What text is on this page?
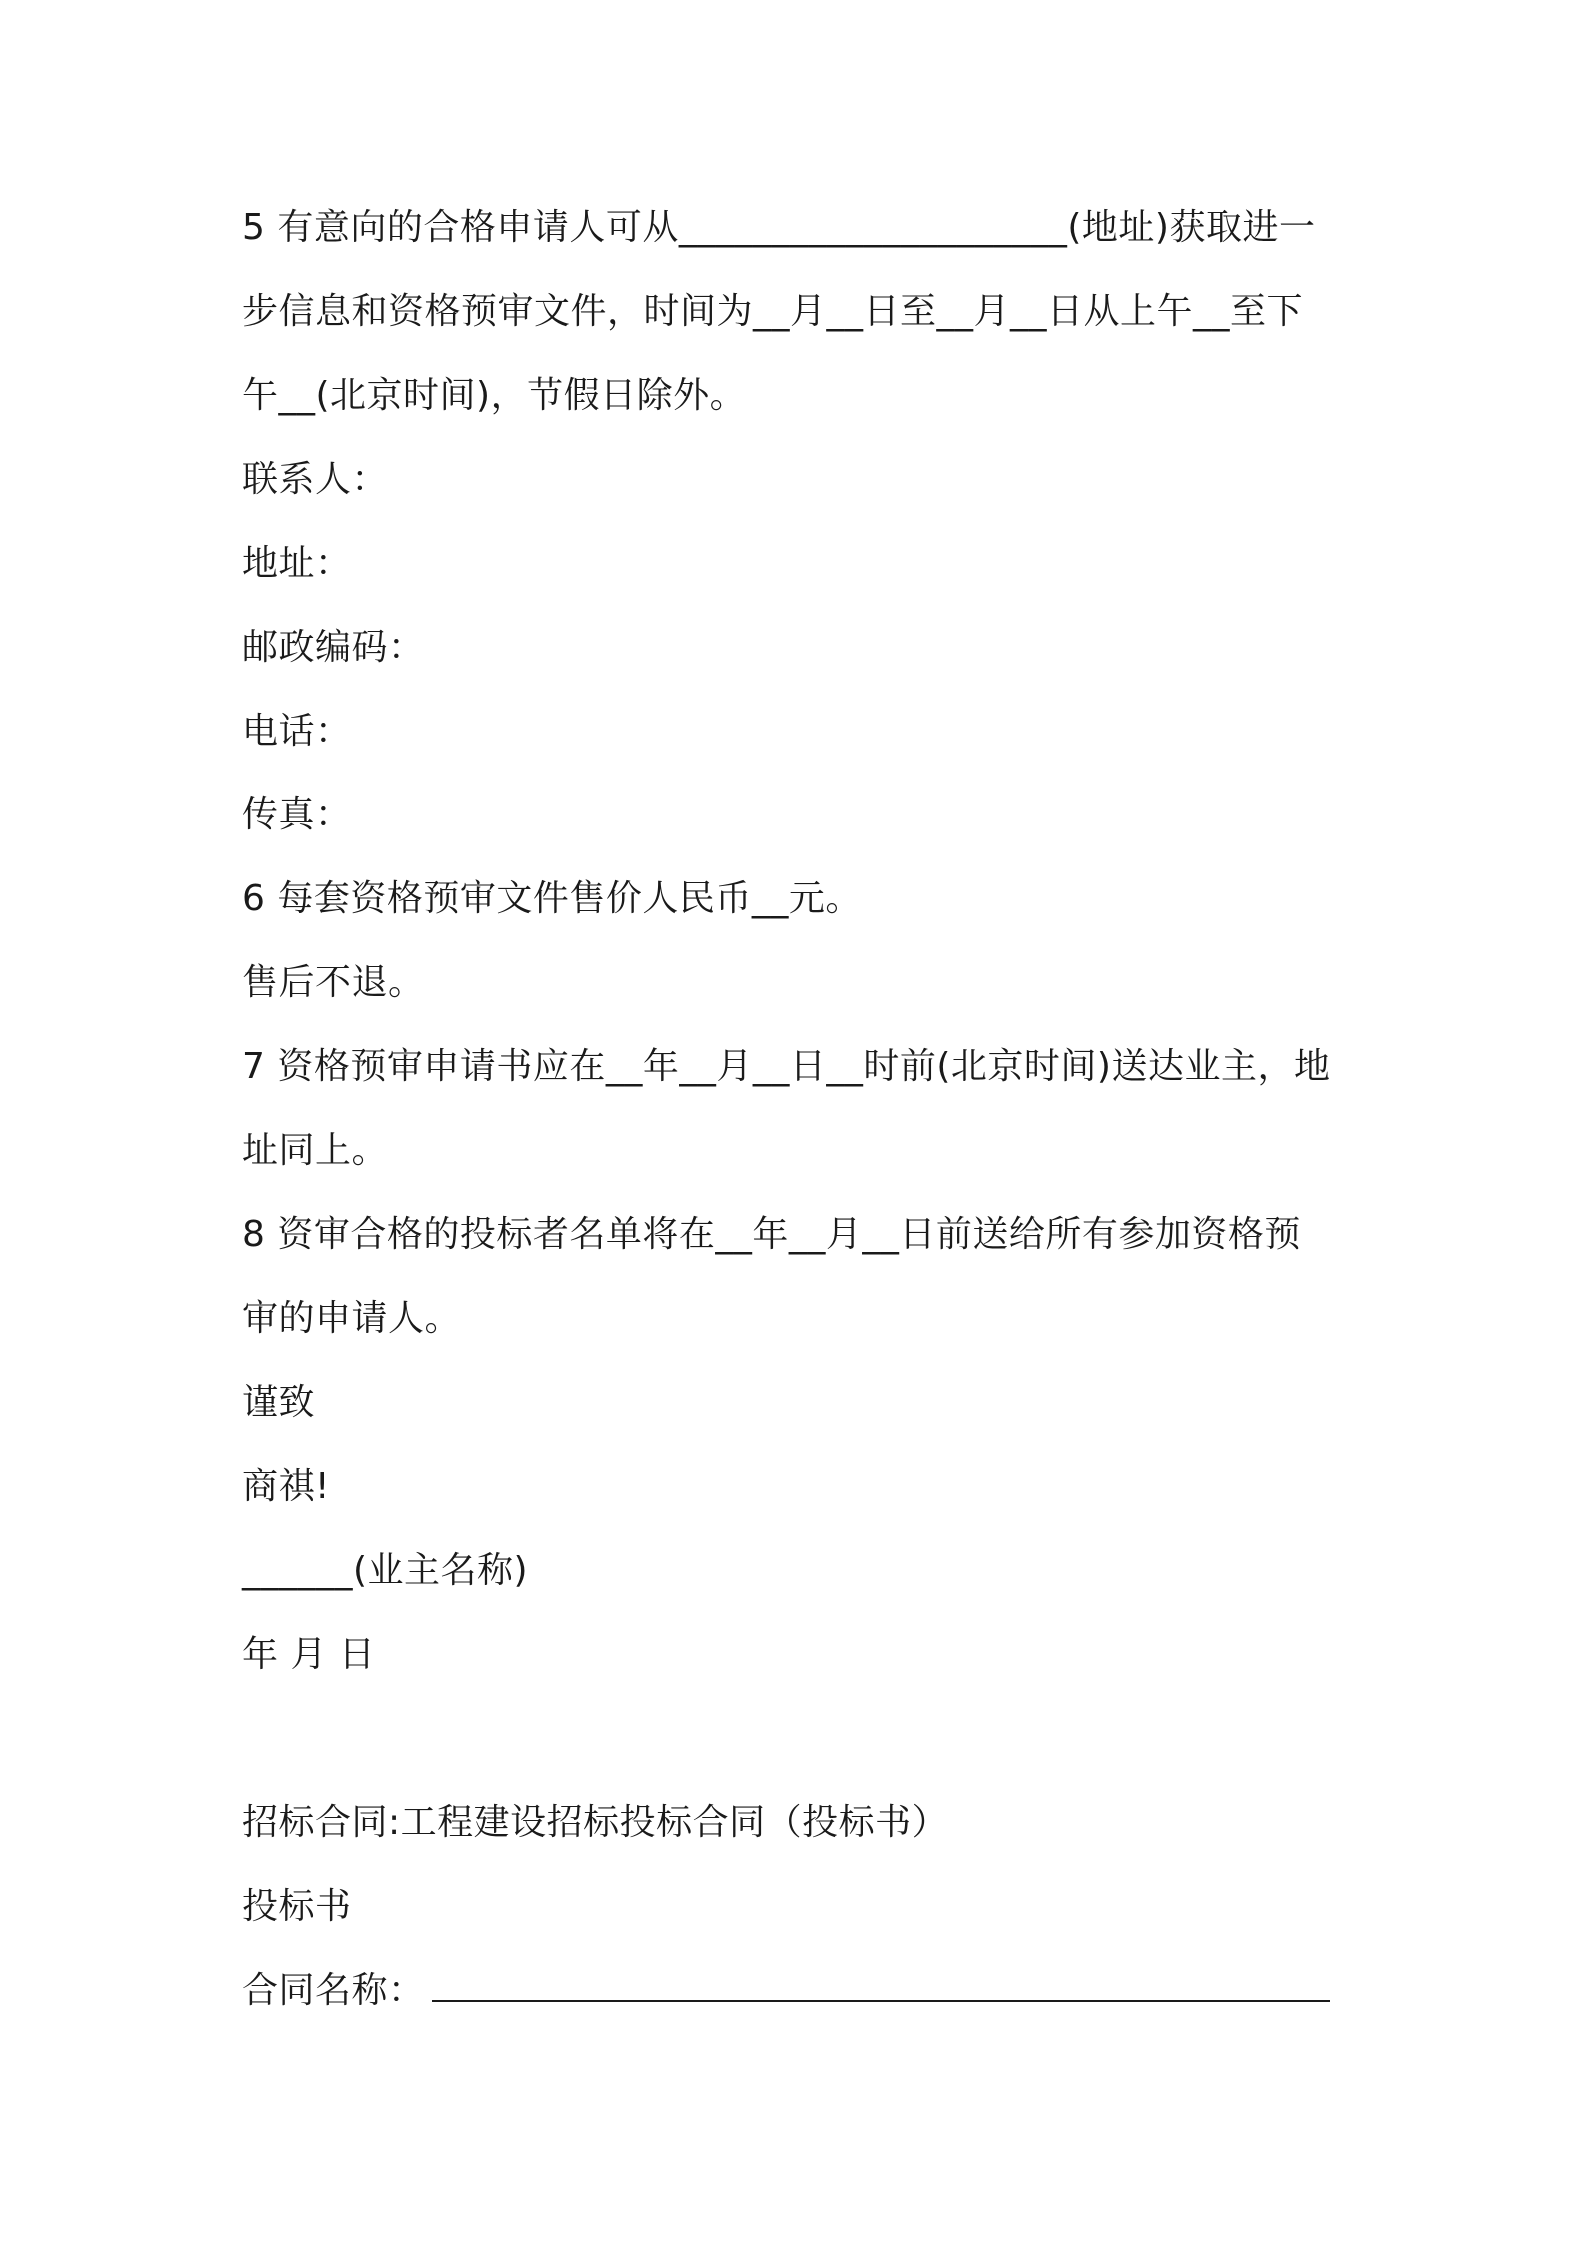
5 有意向的合格申请人可从_____________________(地址)获取进一
步信息和资格预审文件，时间为__月__日至__月__日从上午__至下
午__(北京时间)，节假日除外。
联系人：
地址：
邮政编码：
电话：
传真：
6 每套资格预审文件售价人民币__元。
售后不退。
7 资格预审申请书应在__年__月__日__时前(北京时间)送达业主，地
址同上。
8 资审合格的投标者名单将在__年__月__日前送给所有参加资格预
审的申请人。
谨致
商祺!
______(业主名称)
年 月 日
招标合同:工程建设招标投标合同（投标书）
投标书
合同名称：
